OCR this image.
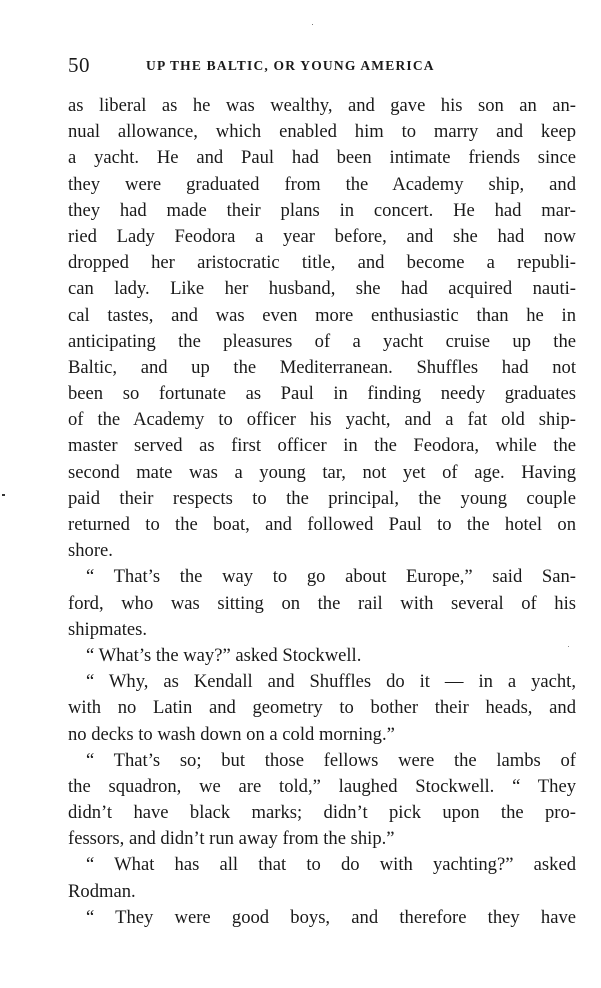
50	UP THE BALTIC, OR YOUNG AMERICA
as liberal as he was wealthy, and gave his son an an-
nual allowance, which enabled him to marry and keep
a yacht. He and Paul had been intimate friends since
they were graduated from the Academy ship, and
they had made their plans in concert. He had mar-
ried Lady Feodora a year before, and she had now
dropped her aristocratic title, and become a republi-
can lady. Like her husband, she had acquired nauti-
cal tastes, and was even more enthusiastic than he in
anticipating the pleasures of a yacht cruise up the
Baltic, and up the Mediterranean. Shuffles had not
been so fortunate as Paul in finding needy graduates
of the Academy to officer his yacht, and a fat old ship-
master served as first officer in the Feodora, while the
second mate was a young tar, not yet of age. Having
paid their respects to the principal, the young couple
returned to the boat, and followed Paul to the hotel on
shore.
“ That’s the way to go about Europe,” said San-
ford, who was sitting on the rail with several of his
shipmates.
“ What’s the way?” asked Stockwell.
“ Why, as Kendall and Shuffles do it — in a yacht,
with no Latin and geometry to bother their heads, and
no decks to wash down on a cold morning.”
“ That’s so; but those fellows were the lambs of
the squadron, we are told,” laughed Stockwell. “ They
didn’t have black marks; didn’t pick upon the pro-
fessors, and didn’t run away from the ship.”
“ What has all that to do with yachting?” asked
Rodman.
“ They were good boys, and therefore they have
